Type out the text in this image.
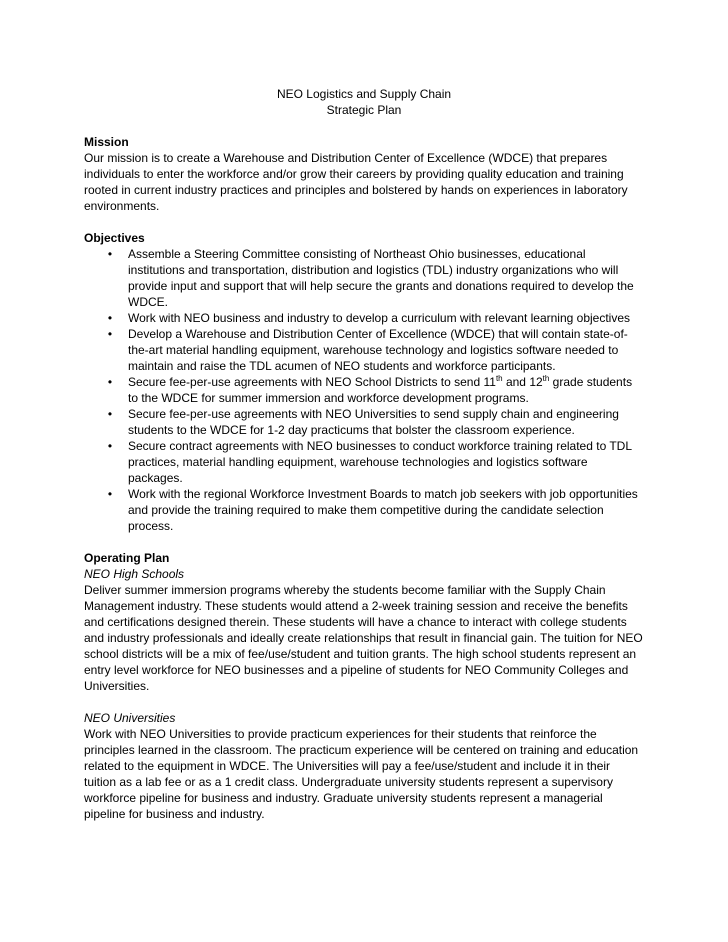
NEO Logistics and Supply Chain
Strategic Plan
Mission

Our mission is to create a Warehouse and Distribution Center of Excellence (WDCE) that prepares individuals to enter the workforce and/or grow their careers by providing quality education and training rooted in current industry practices and principles and bolstered by hands on experiences in laboratory environments.

Objectives
• Assemble a Steering Committee consisting of Northeast Ohio businesses, educational institutions and transportation, distribution and logistics (TDL) industry organizations who will provide input and support that will help secure the grants and donations required to develop the WDCE.
• Work with NEO business and industry to develop a curriculum with relevant learning objectives
• Develop a Warehouse and Distribution Center of Excellence (WDCE) that will contain state-of-the-art material handling equipment, warehouse technology and logistics software needed to maintain and raise the TDL acumen of NEO students and workforce participants.
• Secure fee-per-use agreements with NEO School Districts to send 11th and 12th grade students to the WDCE for summer immersion and workforce development programs.
• Secure fee-per-use agreements with NEO Universities to send supply chain and engineering students to the WDCE for 1-2 day practicums that bolster the classroom experience.
• Secure contract agreements with NEO businesses to conduct workforce training related to TDL practices, material handling equipment, warehouse technologies and logistics software packages.
• Work with the regional Workforce Investment Boards to match job seekers with job opportunities and provide the training required to make them competitive during the candidate selection process.
Operating Plan
NEO High Schools

Deliver summer immersion programs whereby the students become familiar with the Supply Chain Management industry. These students would attend a 2-week training session and receive the benefits and certifications designed therein. These students will have a chance to interact with college students and industry professionals and ideally create relationships that result in financial gain. The tuition for NEO school districts will be a mix of fee/use/student and tuition grants. The high school students represent an entry level workforce for NEO businesses and a pipeline of students for NEO Community Colleges and Universities.

NEO Universities

Work with NEO Universities to provide practicum experiences for their students that reinforce the principles learned in the classroom. The practicum experience will be centered on training and education related to the equipment in WDCE. The Universities will pay a fee/use/student and include it in their tuition as a lab fee or as a 1 credit class. Undergraduate university students represent a supervisory workforce pipeline for business and industry. Graduate university students represent a managerial pipeline for business and industry.
